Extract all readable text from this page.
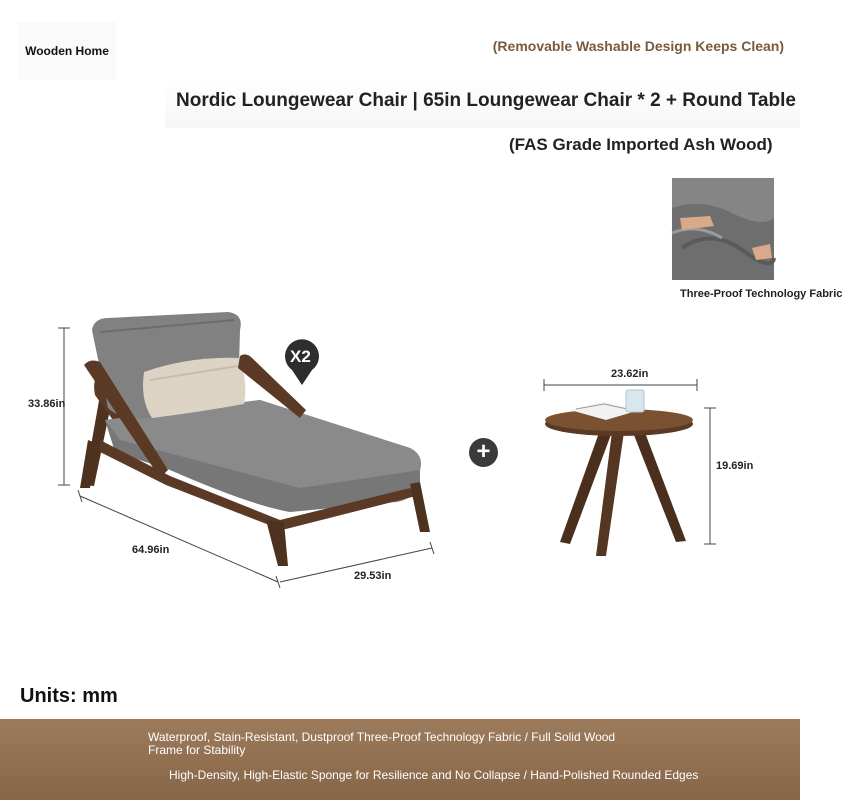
Wooden Home	(Removable Washable Design Keeps Clean)
Nordic Loungewear Chair | 65in Loungewear Chair * 2 + Round Table
(FAS Grade Imported Ash Wood)
Three-Proof Technology Fabric
X2
33.86in
64.96in
29.53in
+
23.62in
19.69in
Units: mm
Waterproof, Stain-Resistant, Dustproof Three-Proof Technology Fabric / Full Solid Wood Frame for Stability
High-Density, High-Elastic Sponge for Resilience and No Collapse / Hand-Polished Rounded Edges
